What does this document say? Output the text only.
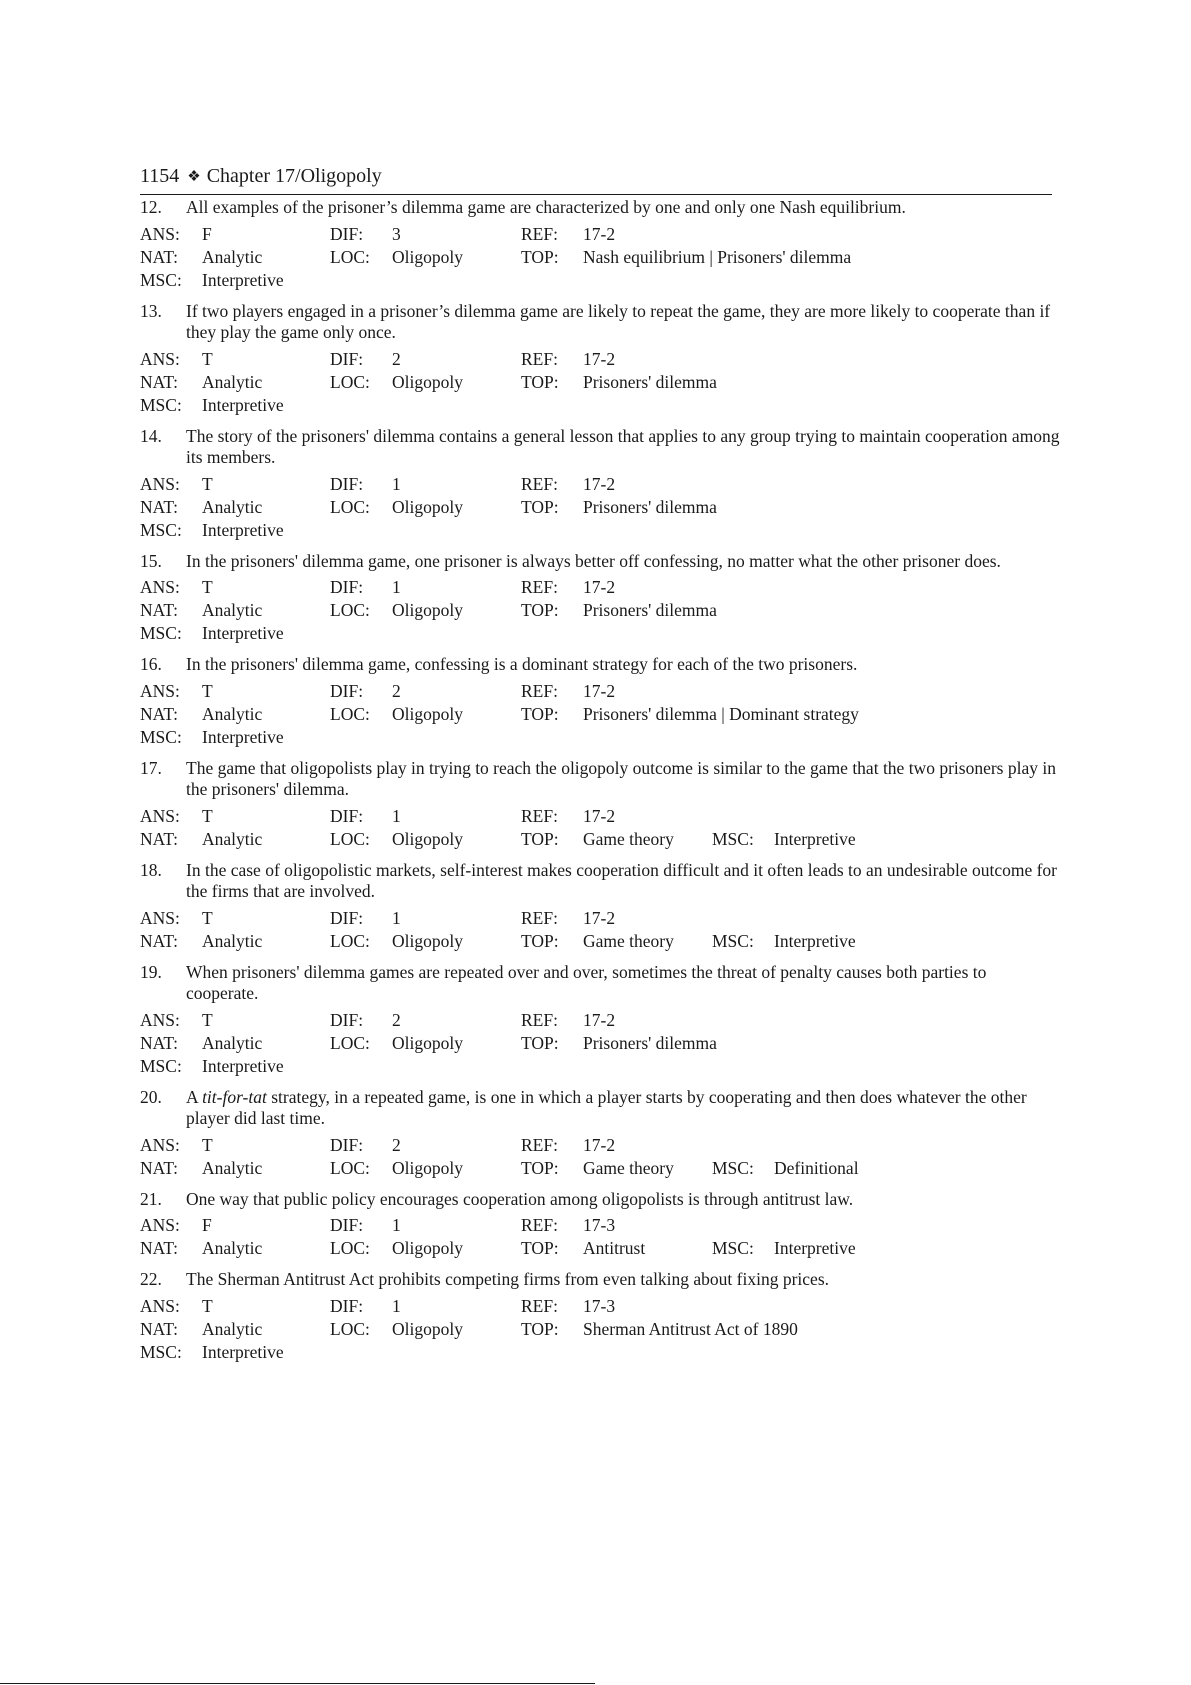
1154 ❖ Chapter 17/Oligopoly
12. All examples of the prisoner’s dilemma game are characterized by one and only one Nash equilibrium.
ANS:	F	DIF:	3	REF:	17-2
NAT:	Analytic	LOC:	Oligopoly	TOP:	Nash equilibrium | Prisoners' dilemma
MSC:	Interpretive
13. If two players engaged in a prisoner’s dilemma game are likely to repeat the game, they are more likely to cooperate than if they play the game only once.
ANS:	T	DIF:	2	REF:	17-2
NAT:	Analytic	LOC:	Oligopoly	TOP:	Prisoners' dilemma
MSC:	Interpretive
14. The story of the prisoners' dilemma contains a general lesson that applies to any group trying to maintain cooperation among its members.
ANS:	T	DIF:	1	REF:	17-2
NAT:	Analytic	LOC:	Oligopoly	TOP:	Prisoners' dilemma
MSC:	Interpretive
15. In the prisoners' dilemma game, one prisoner is always better off confessing, no matter what the other prisoner does.
ANS:	T	DIF:	1	REF:	17-2
NAT:	Analytic	LOC:	Oligopoly	TOP:	Prisoners' dilemma
MSC:	Interpretive
16. In the prisoners' dilemma game, confessing is a dominant strategy for each of the two prisoners.
ANS:	T	DIF:	2	REF:	17-2
NAT:	Analytic	LOC:	Oligopoly	TOP:	Prisoners' dilemma | Dominant strategy
MSC:	Interpretive
17. The game that oligopolists play in trying to reach the oligopoly outcome is similar to the game that the two prisoners play in the prisoners' dilemma.
ANS:	T	DIF:	1	REF:	17-2
NAT:	Analytic	LOC:	Oligopoly	TOP:	Game theory	MSC:	Interpretive
18. In the case of oligopolistic markets, self-interest makes cooperation difficult and it often leads to an undesirable outcome for the firms that are involved.
ANS:	T	DIF:	1	REF:	17-2
NAT:	Analytic	LOC:	Oligopoly	TOP:	Game theory	MSC:	Interpretive
19. When prisoners' dilemma games are repeated over and over, sometimes the threat of penalty causes both parties to cooperate.
ANS:	T	DIF:	2	REF:	17-2
NAT:	Analytic	LOC:	Oligopoly	TOP:	Prisoners' dilemma
MSC:	Interpretive
20. A tit-for-tat strategy, in a repeated game, is one in which a player starts by cooperating and then does whatever the other player did last time.
ANS:	T	DIF:	2	REF:	17-2
NAT:	Analytic	LOC:	Oligopoly	TOP:	Game theory	MSC:	Definitional
21. One way that public policy encourages cooperation among oligopolists is through antitrust law.
ANS:	F	DIF:	1	REF:	17-3
NAT:	Analytic	LOC:	Oligopoly	TOP:	Antitrust	MSC:	Interpretive
22. The Sherman Antitrust Act prohibits competing firms from even talking about fixing prices.
ANS:	T	DIF:	1	REF:	17-3
NAT:	Analytic	LOC:	Oligopoly	TOP:	Sherman Antitrust Act of 1890
MSC:	Interpretive
